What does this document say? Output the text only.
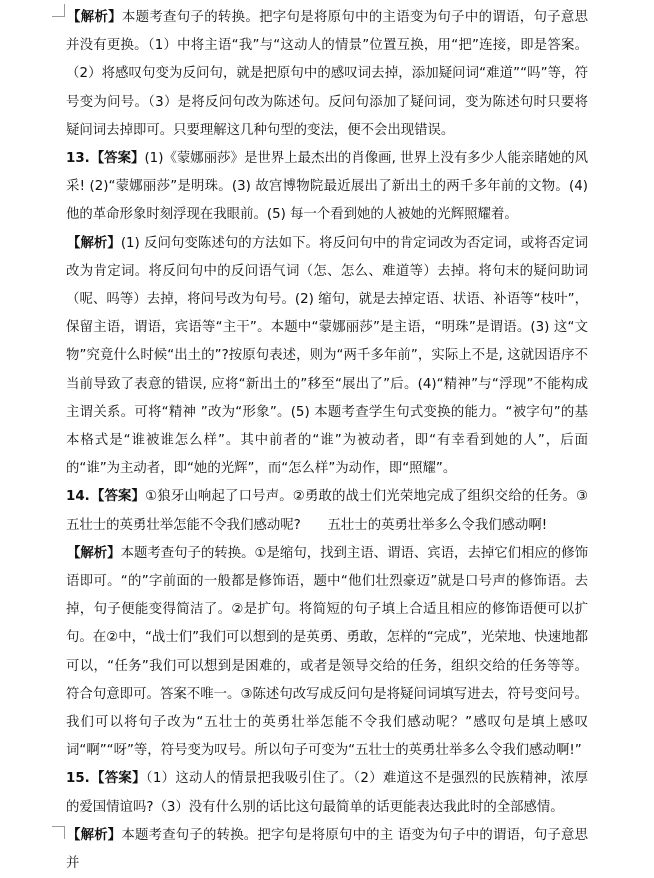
【解析】本题考查句子的转换。把字句是将原句中的主语变为句子中的谓语，句子意思并没有更换。（1）中将主语“我”与“这动人的情景”位置互换，用“把”连接，即是答案。（2）将感叹句变为反问句，就是把原句中的感叹词去掉，添加疑问词“难道”“吗”等，符号变为问号。（3）是将反问句改为陈述句。反问句添加了疑问词，变为陈述句时只要将疑问词去掉即可。只要理解这几种句型的变法，便不会出现错误。

13.【答案】(1)《蒙娜丽莎》是世界上最杰出的肖像画, 世界上没有多少人能亲睹她的风采! (2)“蒙娜丽莎”是明珠。(3) 故宫博物院最近展出了新出土的两千多年前的文物。(4) 他的革命形象时刻浮现在我眼前。(5) 每一个看到她的人被她的光辉照耀着。

【解析】(1) 反问句变陈述句的方法如下。将反问句中的肯定词改为否定词，或将否定词改为肯定词。将反问句中的反问语气词（怎、怎么、难道等）去掉。将句末的疑问助词（呢、吗等）去掉，将问号改为句号。(2) 缩句，就是去掉定语、状语、补语等“枝叶”，保留主语，谓语，宾语等“主干”。本题中“蒙娜丽莎”是主语，“明珠”是谓语。(3) 这“文物”究竟什么时候“出土的”?按原句表述，则为“两千多年前”，实际上不是, 这就因语序不当前导致了表意的错误, 应将“新出土的”移至“展出了”后。(4)“精神”与“浮现”不能构成主谓关系。可将“精神 ”改为“形象”。(5) 本题考查学生句式变换的能力。“被字句”的基本格式是“谁被谁怎么样”。其中前者的“谁”为被动者，即“有幸看到她的人”，后面的“谁”为主动者，即“她的光辉”，而“怎么样”为动作，即“照耀”。

14.【答案】①狼牙山响起了口号声。②勇敢的战士们光荣地完成了组织交给的任务。③五壮士的英勇壮举怎能不令我们感动呢?　　五壮士的英勇壮举多么令我们感动啊!

【解析】本题考查句子的转换。①是缩句，找到主语、谓语、宾语，去掉它们相应的修饰语即可。“的”字前面的一般都是修饰语，题中“他们壮烈豪迈”就是口号声的修饰语。去掉，句子便能变得简洁了。②是扩句。将简短的句子填上合适且相应的修饰语便可以扩句。在②中，“战士们”我们可以想到的是英勇、勇敢，怎样的“完成”，光荣地、快速地都可以，“任务”我们可以想到是困难的，或者是领导交给的任务，组织交给的任务等等。符合句意即可。答案不唯一。③陈述句改写成反问句是将疑问词填写进去，符号变问号。我们可以将句子改为“五壮士的英勇壮举怎能不令我们感动呢？”感叹句是填上感叹词“啊”“呀”等，符号变为叹号。所以句子可变为“五壮士的英勇壮举多么令我们感动啊!”

15.【答案】（1）这动人的情景把我吸引住了。（2）难道这不是强烈的民族精神，浓厚的爱国情谊吗?（3）没有什么别的话比这句最简单的话更能表达我此时的全部感情。

【解析】本题考查句子的转换。把字句是将原句中的主 语变为句子中的谓语，句子意思并
